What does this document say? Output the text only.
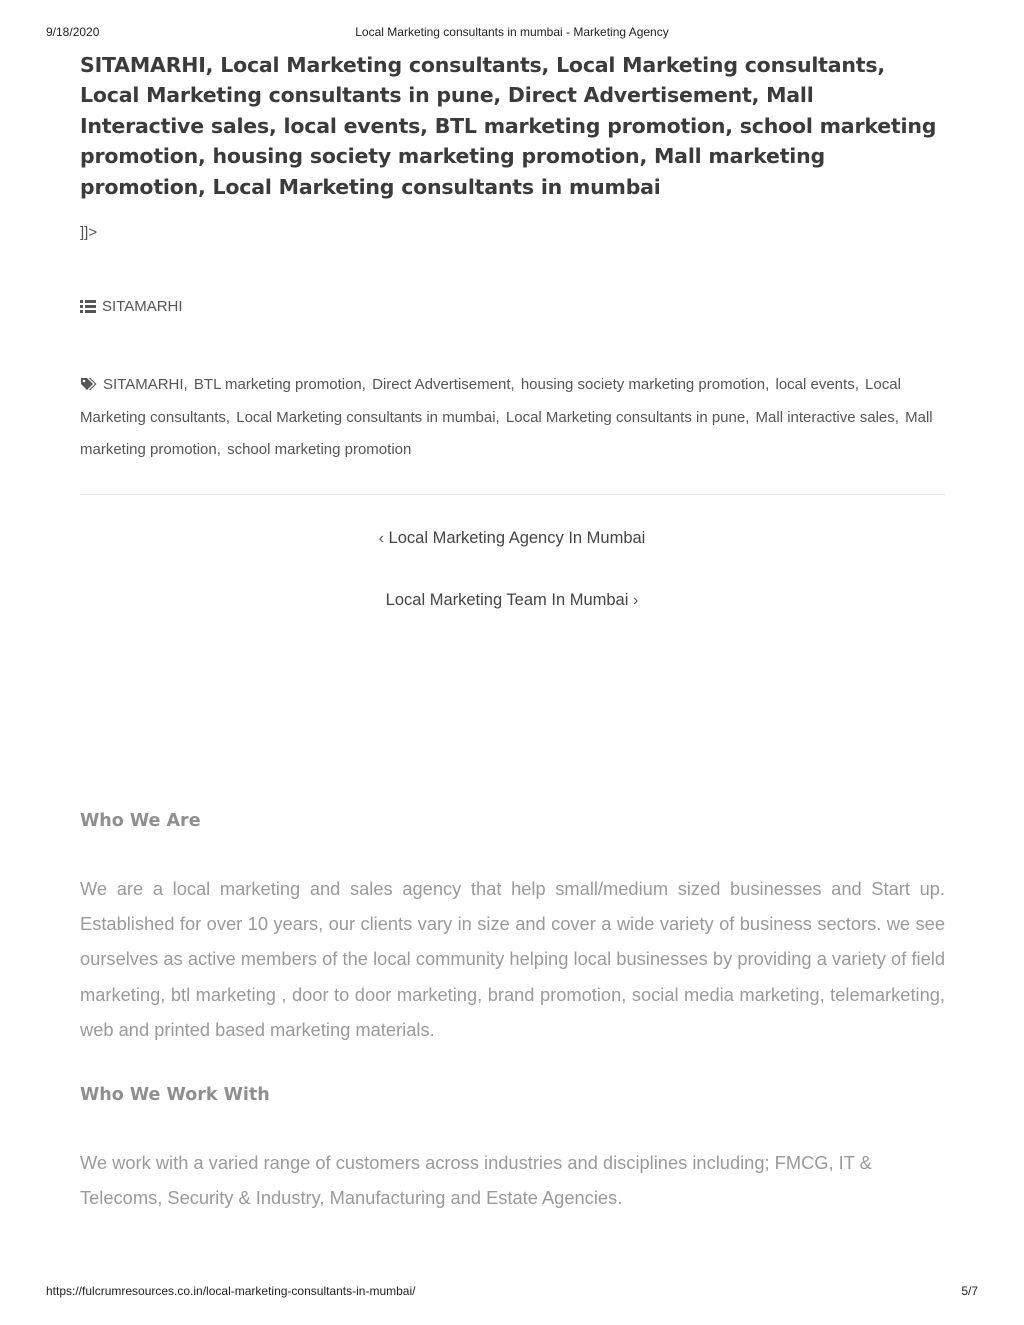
9/18/2020	Local Marketing consultants in mumbai - Marketing Agency
SITAMARHI, Local Marketing consultants, Local Marketing consultants, Local Marketing consultants in pune, Direct Advertisement, Mall Interactive sales, local events, BTL marketing promotion, school marketing promotion, housing society marketing promotion, Mall marketing promotion, Local Marketing consultants in mumbai
]]>
SITAMARHI
SITAMARHI, BTL marketing promotion, Direct Advertisement, housing society marketing promotion, local events, Local Marketing consultants, Local Marketing consultants in mumbai, Local Marketing consultants in pune, Mall interactive sales, Mall marketing promotion, school marketing promotion
‹ Local Marketing Agency In Mumbai
Local Marketing Team In Mumbai ›
Who We Are

We are a local marketing and sales agency that help small/medium sized businesses and Start up. Established for over 10 years, our clients vary in size and cover a wide variety of business sectors. we see ourselves as active members of the local community helping local businesses by providing a variety of field marketing, btl marketing , door to door marketing, brand promotion, social media marketing, telemarketing, web and printed based marketing materials.

Who We Work With

We work with a varied range of customers across industries and disciplines including; FMCG, IT & Telecoms, Security & Industry, Manufacturing and Estate Agencies.

https://fulcrumresources.co.in/local-marketing-consultants-in-mumbai/	5/7
